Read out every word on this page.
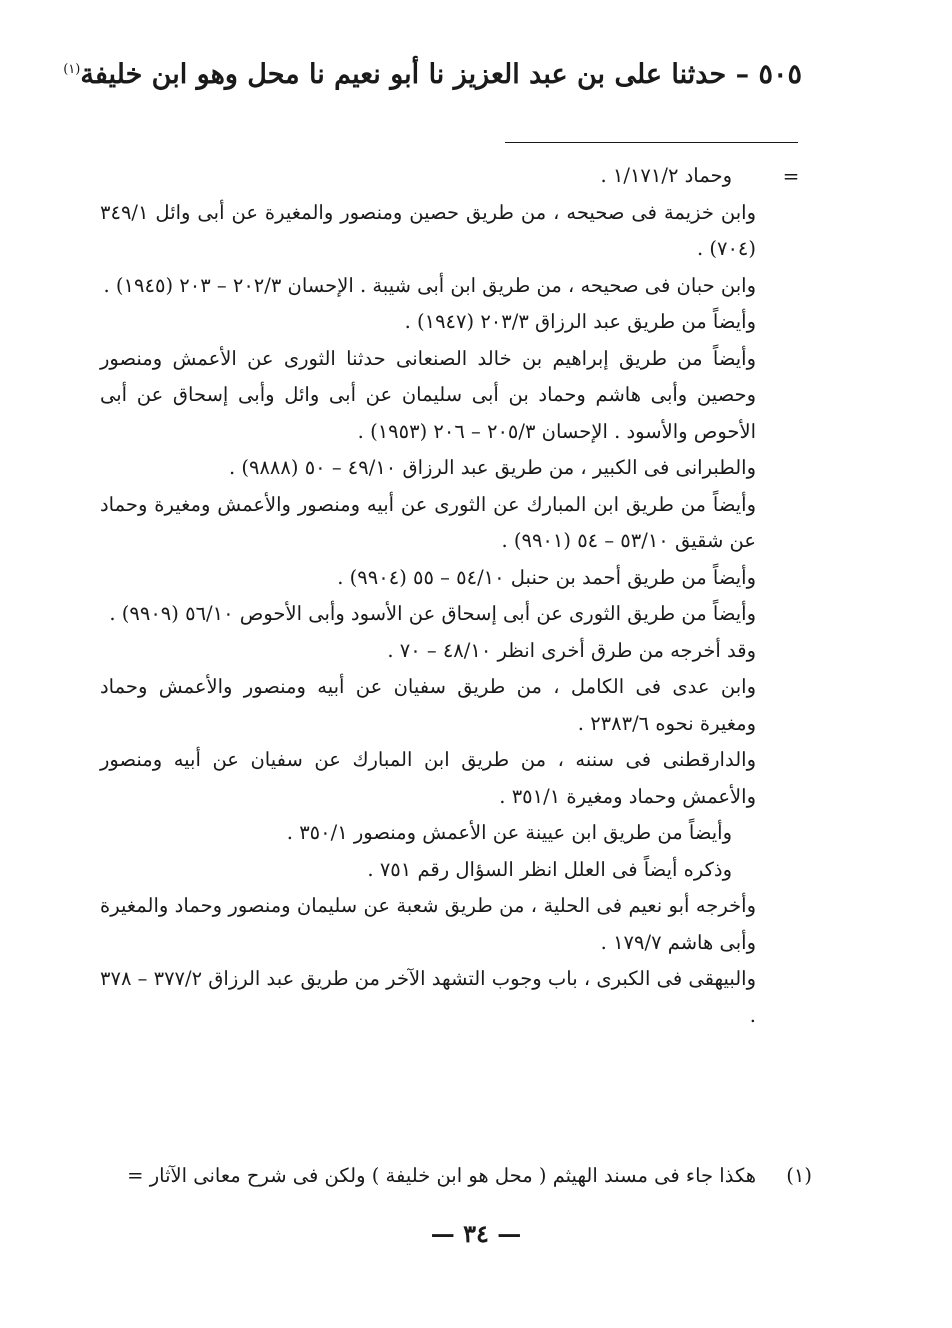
٥٠٥ – حدثنا على بن عبد العزيز نا أبو نعيم نا محل وهو ابن خليفة$^{(١)}$
=

وحماد ١/١٧١/٢ .

وابن خزيمة فى صحيحه ، من طريق حصين ومنصور والمغيرة عن أبى وائل ٣٤٩/١ (٧٠٤) .

وابن حبان فى صحيحه ، من طريق ابن أبى شيبة . الإحسان ٢٠٢/٣ – ٢٠٣ (١٩٤٥) .

وأيضاً من طريق عبد الرزاق ٢٠٣/٣ (١٩٤٧) .

وأيضاً من طريق إبراهيم بن خالد الصنعانى حدثنا الثورى عن الأعمش ومنصور وحصين وأبى هاشم وحماد بن أبى سليمان عن أبى وائل وأبى إسحاق عن أبى الأحوص والأسود . الإحسان ٢٠٥/٣ – ٢٠٦ (١٩٥٣) .

والطبرانى فى الكبير ، من طريق عبد الرزاق ٤٩/١٠ – ٥٠ (٩٨٨٨) .

وأيضاً من طريق ابن المبارك عن الثورى عن أبيه ومنصور والأعمش ومغيرة وحماد عن شقيق ٥٣/١٠ – ٥٤ (٩٩٠١) .

وأيضاً من طريق أحمد بن حنبل ٥٤/١٠ – ٥٥ (٩٩٠٤) .

وأيضاً من طريق الثورى عن أبى إسحاق عن الأسود وأبى الأحوص ٥٦/١٠ (٩٩٠٩) .

وقد أخرجه من طرق أخرى انظر ٤٨/١٠ – ٧٠ .

وابن عدى فى الكامل ، من طريق سفيان عن أبيه ومنصور والأعمش وحماد ومغيرة نحوه ٢٣٨٣/٦ .

والدارقطنى فى سننه ، من طريق ابن المبارك عن سفيان عن أبيه ومنصور والأعمش وحماد ومغيرة ٣٥١/١ .

وأيضاً من طريق ابن عيينة عن الأعمش ومنصور ٣٥٠/١ .

وذكره أيضاً فى العلل انظر السؤال رقم ٧٥١ .

وأخرجه أبو نعيم فى الحلية ، من طريق شعبة عن سليمان ومنصور وحماد والمغيرة وأبى هاشم ١٧٩/٧ .

والبيهقى فى الكبرى ، باب وجوب التشهد الآخر من طريق عبد الرزاق ٣٧٧/٢ – ٣٧٨ .

(١)هكذا جاء فى مسند الهيثم ( محل هو ابن خليفة ) ولكن فى شرح معانى الآثار =
— ٣٤ —
